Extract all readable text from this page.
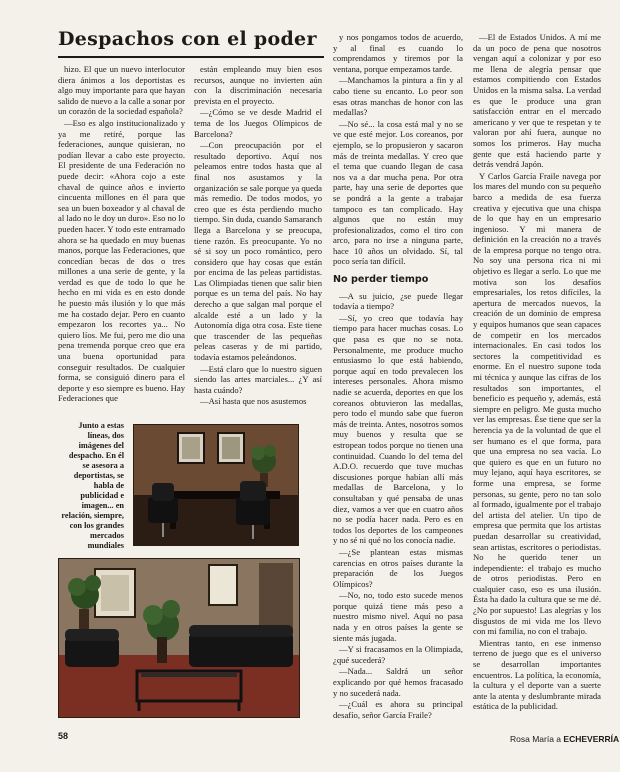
Despachos con el poder

hizo. El que un nuevo interlocutor diera ánimos a los deportistas es algo muy importante para que hayan salido de nuevo a la calle a sonar por un corazón de la sociedad española?

—Eso es algo institucionalizado y ya me retiré, porque las federaciones, aunque quisieran, no podían llevar a cabo este proyecto. El presidente de una Federación no puede decir: «Ahora cojo a este chaval de quince años e invierto cincuenta millones en él para que sea un buen boxeador y al chaval de al lado no le doy un duro». Eso no lo pueden hacer. Y todo este entramado ahora se ha quedado en muy buenas manos, porque las Federaciones, que concedían becas de dos o tres millones a una serie de gente, y la verdad es que de todo lo que he hecho en mi vida es en esto donde he puesto más ilusión y lo que más me ha costado dejar. Pero en cuanto empezaron los recortes ya... No quiero líos. Me fui, pero me dio una pena tremenda porque creo que era una buena oportunidad para conseguir resultados. De cualquier forma, se consiguió dinero para el deporte y eso siempre es bueno. Hay Federaciones que

están empleando muy bien esos recursos, aunque no invierten aún con la discriminación necesaria prevista en el proyecto.

—¿Cómo se ve desde Madrid el tema de los Juegos Olímpicos de Barcelona?

—Con preocupación por el resultado deportivo. Aquí nos peleamos entre todos hasta que al final nos asustamos y la organización se sale porque ya queda más remedio. De todos modos, yo creo que es ésta perdiendo mucho tiempo. Sin duda, cuando Samaranch llega a Barcelona y se preocupa, tiene razón. Es preocupante. Yo no sé si soy un poco romántico, pero considero que hay cosas que están por encima de las peleas partidistas. Las Olimpiadas tienen que salir bien porque es un tema del país. No hay derecho a que salgan mal porque el alcalde esté a un lado y la Autonomía diga otra cosa. Este tiene que trascender de las pequeñas peleas caseras y de mi partido, todavía estamos peleándonos.

—Está claro que lo nuestro siguen siendo las artes marciales... ¿Y así hasta cuándo?

—Así hasta que nos asustemos

y nos pongamos todos de acuerdo, y al final es cuando lo comprendamos y tiremos por la ventana, porque empezamos tarde.

—Manchamos la pintura a fin y al cabo tiene su encanto. Lo peor son esas otras manchas de honor con las medallas?

—No sé... la cosa está mal y no se ve que esté mejor. Los coreanos, por ejemplo, se lo propusieron y sacaron más de treinta medallas. Y creo que el tema que cuando llegan de casa nos va a dar mucha pena. Por otra parte, hay una serie de deportes que se pondrá a la gente a trabajar tampoco es tan complicado. Hay algunos que no están muy profesionalizados, como el tiro con arco, para no irse a ninguna parte, hace 10 años un olvidado. Sí, tal poco sería tan difícil.

No perder tiempo

—A su juicio, ¿se puede llegar todavía a tiempo?

—Sí, yo creo que todavía hay tiempo para hacer muchas cosas. Lo que pasa es que no se nota. Personalmente, me produce mucho entusiasmo lo que está habiendo, porque aquí en todo prevalecen los intereses personales. Ahora mismo nadie se acuerda, deportes en que los coreanos obtuvieron las medallas, pero todo el mundo sabe que fueron más de treinta. Antes, nosotros somos muy buenos y resulta que se estropean todos porque no tienen una continuidad. Cuando lo del tema del A.D.O. recuerdo que tuve muchas discusiones porque habían allí más medallas de Barcelona, y lo consultaban y qué pensaba de unas diez, vamos a ver que en cuatro años no se podía hacer nada. Pero es en todos los deportes de los campeones y no sé ni qué no los conocía nadie.

—¿Se plantean estas mismas carencias en otros países durante la preparación de los Juegos Olímpicos?

—No, no, todo esto sucede menos porque quizá tiene más peso a nuestro mismo nivel. Aquí no pasa nada y en otros países la gente se siente más jugada.

—Y si fracasamos en la Olimpiada, ¿qué sucederá?

—Nada... Saldrá un señor explicando por qué hemos fracasado y no sucederá nada.

—¿Cuál es ahora su principal desafío, señor García Fraile?

—El de Estados Unidos. A mí me da un poco de pena que nosotros vengan aquí a colonizar y por eso me llena de alegría pensar que estamos compitiendo con Estados Unidos en la misma salsa. La verdad es que le produce una gran satisfacción entrar en el mercado americano y ver que te respetan y te valoran por ahí fuera, aunque no somos los primeros. Hay mucha gente que está haciendo parte y detrás vendrá Japón.

Y Carlos García Fraile navega por los mares del mundo con su pequeño barco a medida de esa fuerza creativa y ejecutiva que una chispa de lo que hay en un empresario ingenioso. Y mi manera de definición en la creación no a través de la empresa porque no tengo otra. No soy una persona rica ni mi objetivo es llegar a serlo. Lo que me motiva son los desafíos empresariales, los retos difíciles, la apertura de mercados nuevos, la creación de un dominio de empresa y equipos humanos que sean capaces de competir en los mercados internacionales. En casi todos los sectores la competitividad es enorme. En el nuestro supone toda mi técnica y aunque las cifras de los resultados son importantes, el beneficio es pequeño y, además, está siempre en peligro. Me gusta mucho ver las empresas. Ése tiene que ser la herencia ya de la voluntad de que el ser humano es el que forma, para que una empresa no sea vacía. Lo que quiero es que en un futuro no muy lejano, aquí haya escritores, se forme una empresa, se forme personas, su gente, pero no tan solo al formado, igualmente por el trabajo del artista del atelier. Un tipo de empresa que permita que los artistas puedan desarrollar su creatividad, sean artistas, escritores o periodistas. No he querido tener un independiente: el trabajo es mucho de otros periodistas. Pero en cualquier caso, eso es una ilusión. Ésta ha dado la cultura que se me dé. ¿No por supuesto! Las alegrías y los disgustos de mi vida me los llevo con mi familia, no con el trabajo.

Mientras tanto, en ese inmenso terreno de juego que es el universo se desarrollan importantes encuentros. La política, la economía, la cultura y el deporte van a suerte ante la atenta y deslumbrante mirada estática de la publicidad.

Rosa María a ECHEVERRÍA
Junto a estas líneas, dos imágenes del despacho. En él se asesora a deportistas, se habla de publicidad e imagen... en relación, siempre, con los grandes mercados mundiales
58
